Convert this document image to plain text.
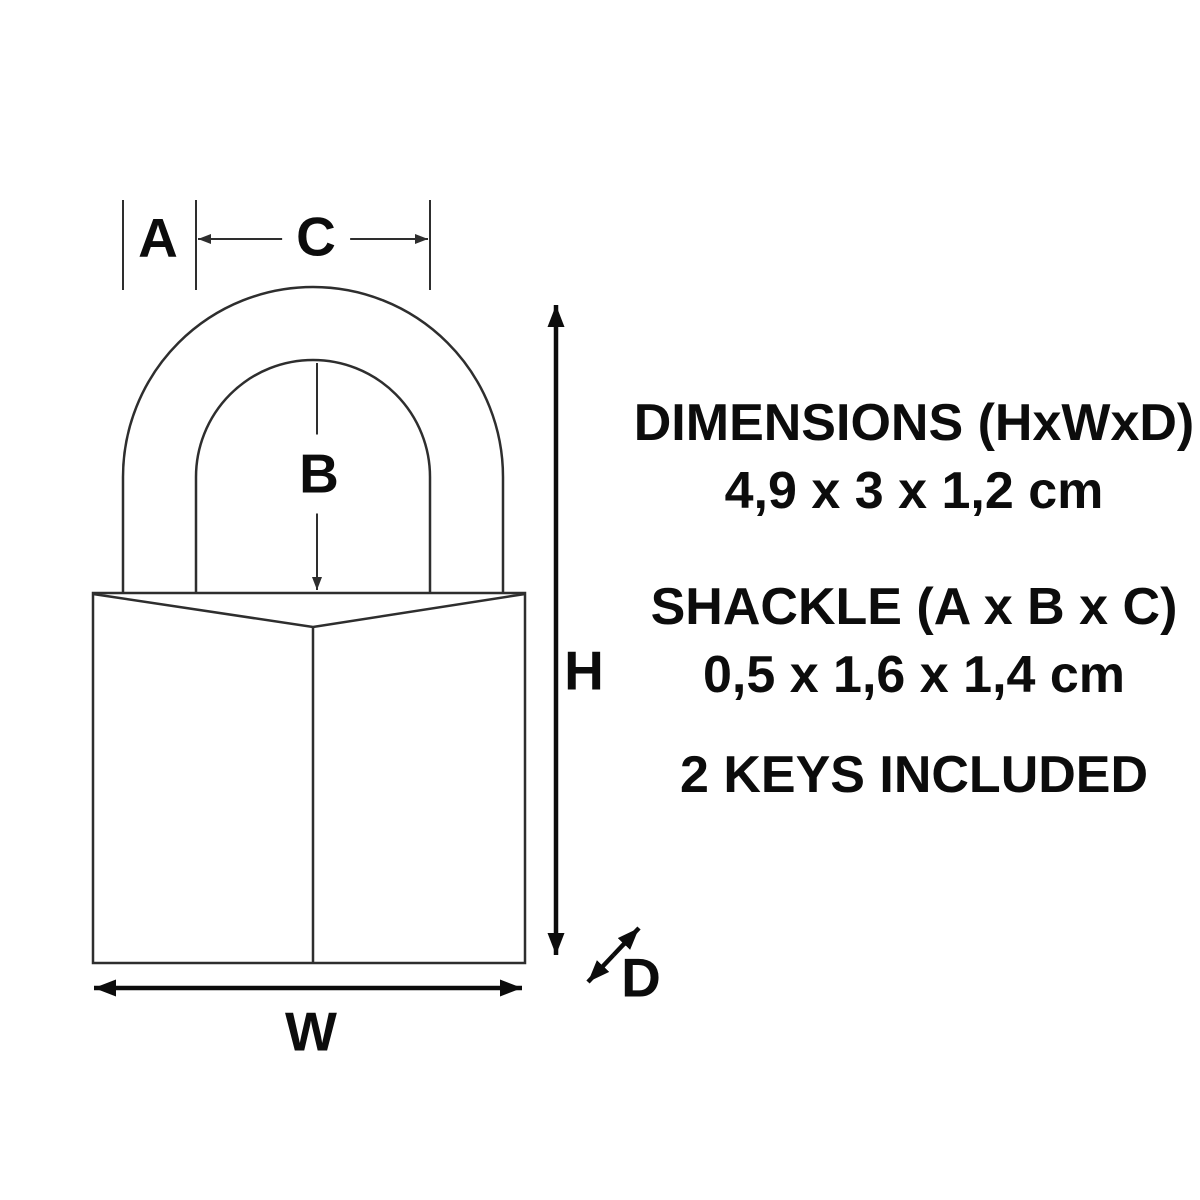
A C
B
H
W
D
DIMENSIONS (HxWxD)
4,9 x 3 x 1,2 cm
SHACKLE (A x B x C)
0,5 x 1,6 x 1,4 cm
2 KEYS INCLUDED
